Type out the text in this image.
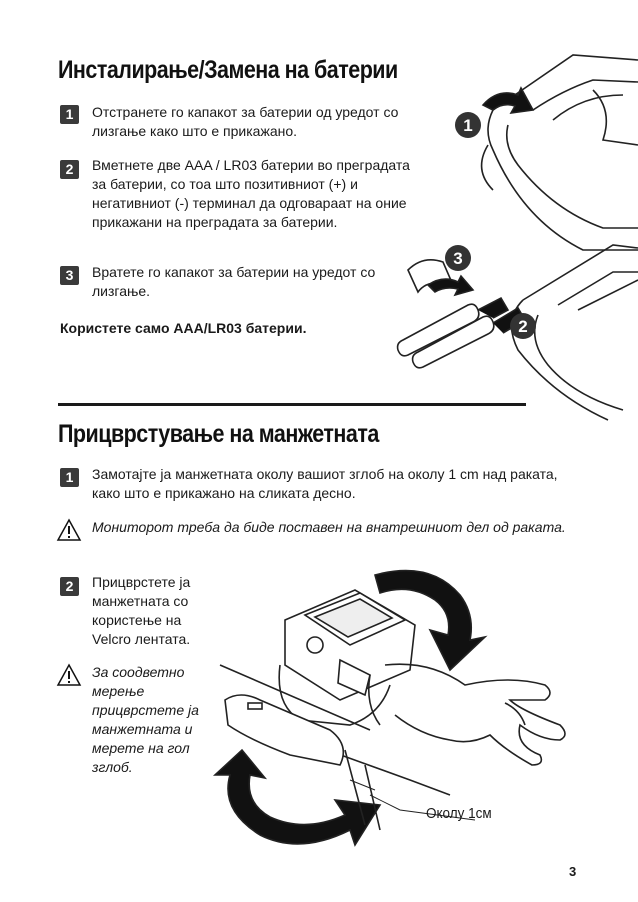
Инсталирање/Замена на батерии
1	Отстранете го капакот за батерии од уредот со
лизгање како што е прикажано.
2	Вметнете две AAA / LR03 батерии во преградата
за батерии, со тоа што позитивниот (+) и
негативниот (-) терминал да одговараат на оние
прикажани на преградата за батерии.
3	Вратете го капакот за батерии на уредот со
лизгање.
Користете само AAA/LR03 батерии.
1
3
2
Прицврстување на манжетната
1	Замотајте ја манжетната околу вашиот зглоб на околу 1 cm над раката,
како што е прикажано на сликата десно.
Мониторот треба да биде поставен на внатрешниот дел од раката.
2	Прицврстете ја
манжетната со
користење на
Velcro лентата.
За соодветно
мерење
прицврстете ја
манжетната и
мерете на гол
зглоб.
Околу 1см
3
